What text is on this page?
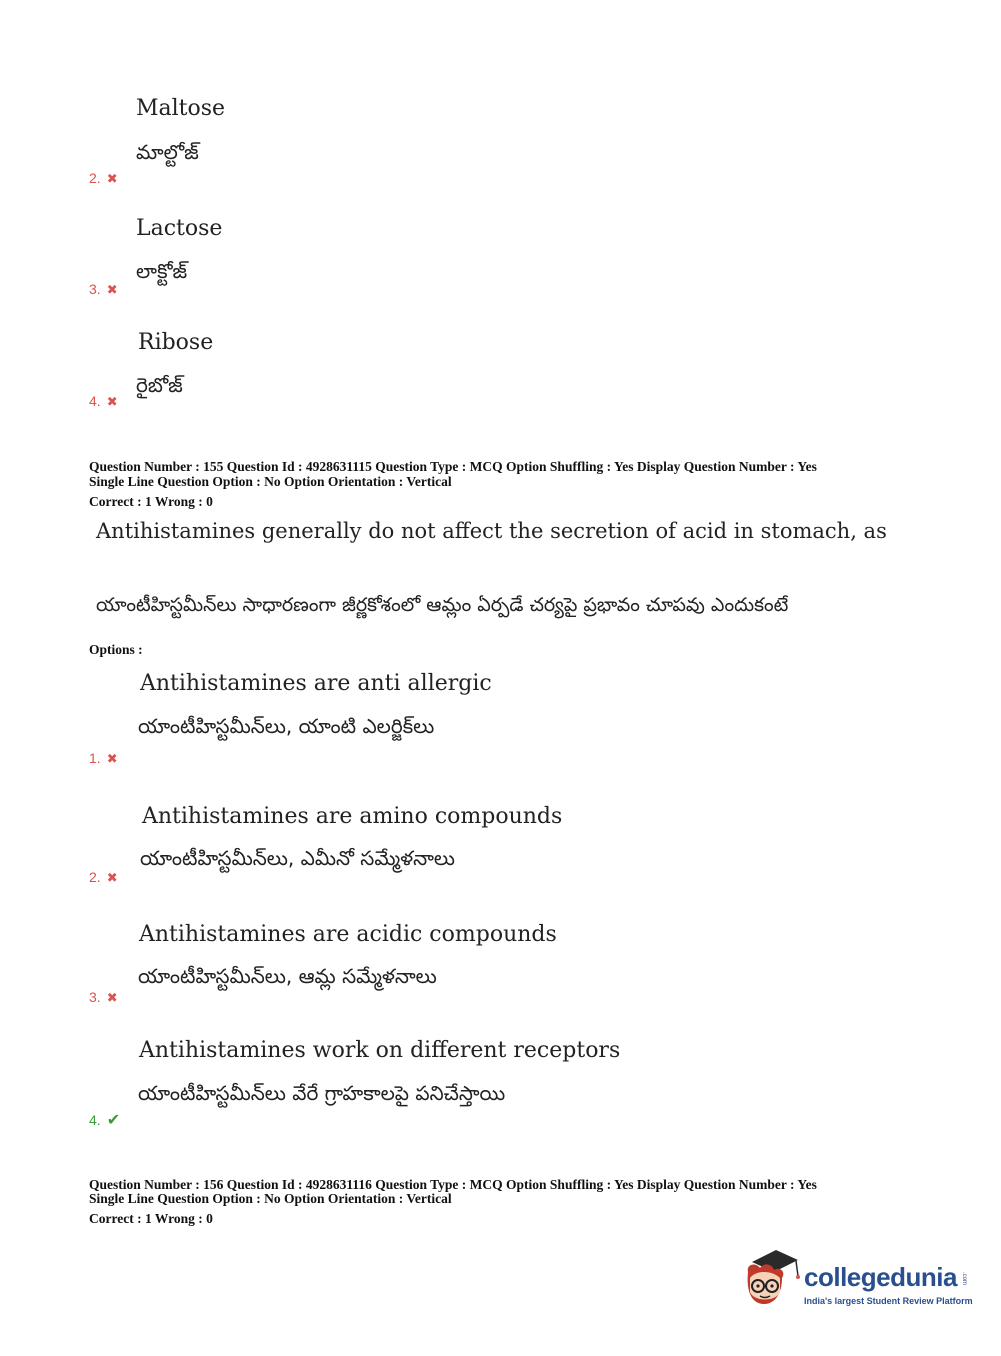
Maltose
మాల్టోజ్
2. ✖
Lactose
లాక్టోజ్
3. ✖
Ribose
రైబోజ్
4. ✖
Question Number : 155 Question Id : 4928631115 Question Type : MCQ Option Shuffling : Yes Display Question Number : Yes
Single Line Question Option : No Option Orientation : Vertical
Correct : 1 Wrong : 0
Antihistamines generally do not affect the secretion of acid in stomach, as
యాంటీహిస్టమీన్‌లు సాధారణంగా జీర్ణకోశంలో ఆమ్లం ఏర్పడే చర్యపై ప్రభావం చూపవు ఎందుకంటే
Options :
Antihistamines are anti allergic
యాంటీహిస్టమీన్‌లు, యాంటి ఎలర్జిక్‌లు
1. ✖
Antihistamines are amino compounds
యాంటీహిస్టమీన్‌లు, ఎమీనో సమ్మేళనాలు
2. ✖
Antihistamines are acidic compounds
యాంటీహిస్టమీన్‌లు, ఆమ్ల సమ్మేళనాలు
3. ✖
Antihistamines work on different receptors
యాంటీహిస్టమీన్‌లు వేరే గ్రాహకాలపై పనిచేస్తాయి
4. ✔
Question Number : 156 Question Id : 4928631116 Question Type : MCQ Option Shuffling : Yes Display Question Number : Yes
Single Line Question Option : No Option Orientation : Vertical
Correct : 1 Wrong : 0
collegedunia .com
India's largest Student Review Platform
